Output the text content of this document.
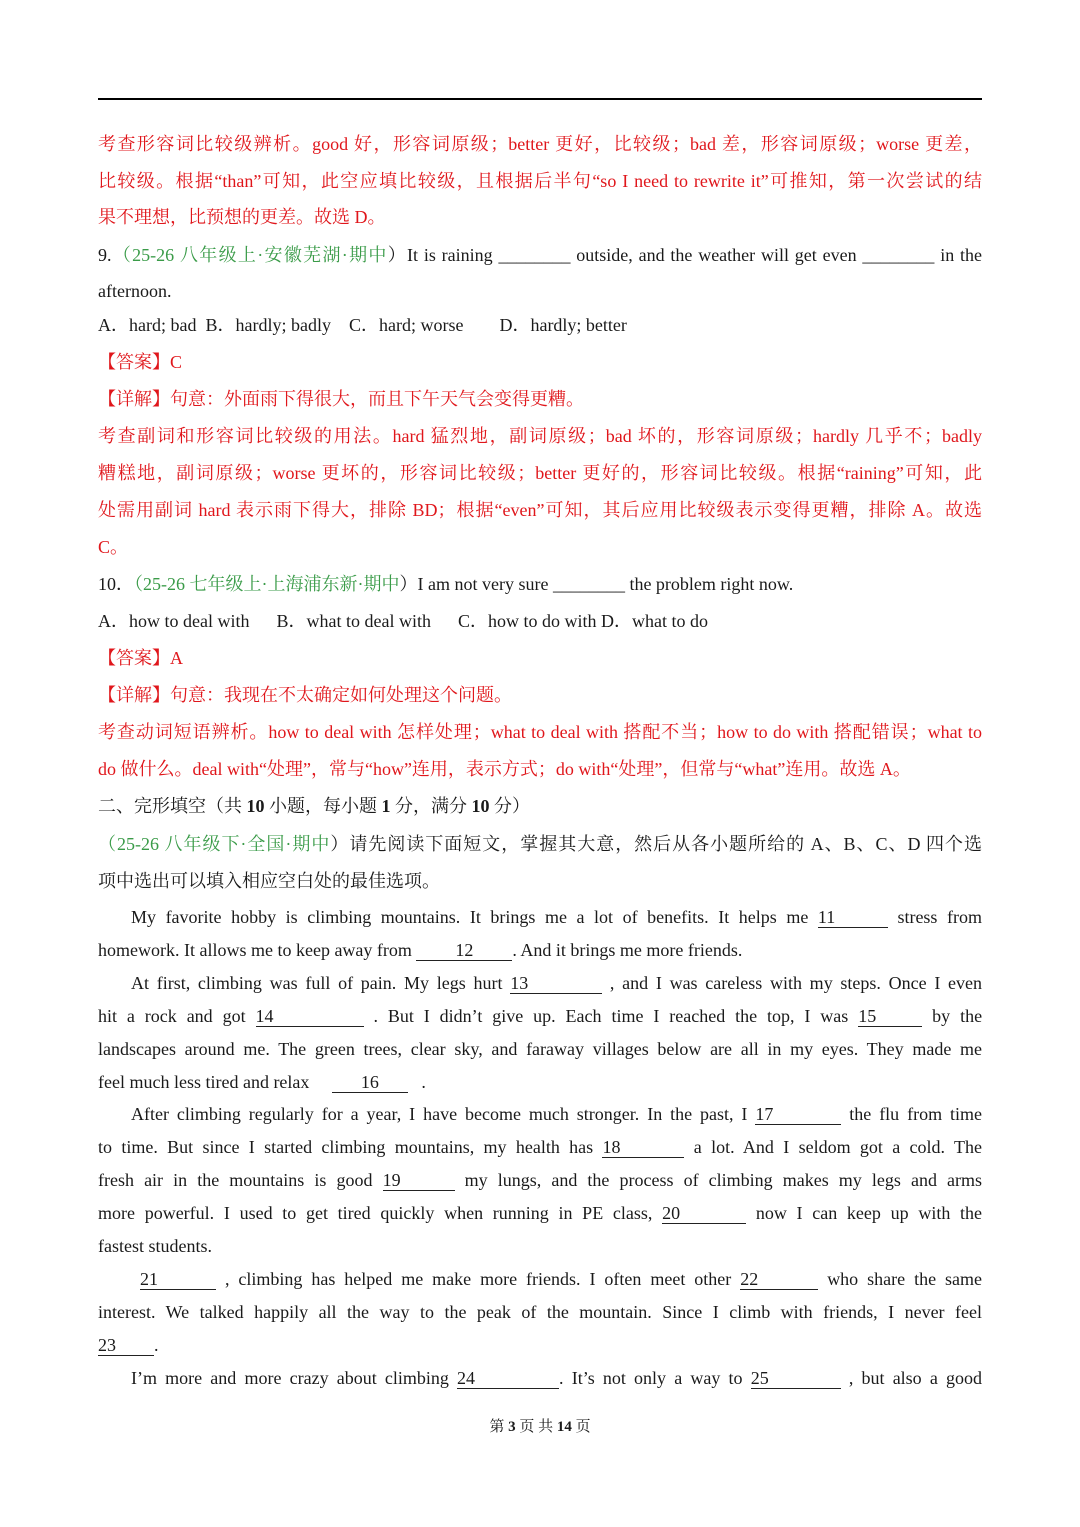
考查形容词比较级辨析。good 好，形容词原级；better 更好，比较级；bad 差，形容词原级；worse 更差，
比较级。根据“than”可知，此空应填比较级，且根据后半句“so I need to rewrite it”可推知，第一次尝试的结
果不理想，比预想的更差。故选 D。
9.（25-26 八年级上·安徽芜湖·期中）It is raining ________ outside, and the weather will get even ________ in the
afternoon.
A．hard; bad B．hardly; badly C．hard; worse D．hardly; better
【答案】C
【详解】句意：外面雨下得很大，而且下午天气会变得更糟。
考查副词和形容词比较级的用法。hard 猛烈地，副词原级；bad 坏的，形容词原级；hardly 几乎不；badly
糟糕地，副词原级；worse 更坏的，形容词比较级；better 更好的，形容词比较级。根据“raining”可知，此
处需用副词 hard 表示雨下得大，排除 BD；根据“even”可知，其后应用比较级表示变得更糟，排除 A。故选
C。
10．（25-26 七年级上·上海浦东新·期中）I am not very sure ________ the problem right now.
A．how to deal with B．what to deal with C．how to do with D．what to do
【答案】A
【详解】句意：我现在不太确定如何处理这个问题。
考查动词短语辨析。how to deal with 怎样处理；what to deal with 搭配不当；how to do with 搭配错误；what to
do 做什么。deal with“处理”，常与“how”连用，表示方式；do with“处理”，但常与“what”连用。故选 A。
二、完形填空（共 10 小题，每小题 1 分，满分 10 分）
（25-26 八年级下·全国·期中）请先阅读下面短文，掌握其大意，然后从各小题所给的 A、B、C、D 四个选
项中选出可以填入相应空白处的最佳选项。
My favorite hobby is climbing mountains. It brings me a lot of benefits. It helps me 11	stress from
homework. It allows me to keep away from 12 . And it brings me more friends.
At first, climbing was full of pain. My legs hurt 13	, and I was careless with my steps. Once I even
hit a rock and got 14	. But I didn’t give up. Each time I reached the top, I was 15	by the
landscapes around me. The green trees, clear sky, and faraway villages below are all in my eyes. They made me
feel much less tired and relax	16 .
After climbing regularly for a year, I have become much stronger. In the past, I 17	the flu from time
to time. But since I started climbing mountains, my health has 18	a lot. And I seldom got a cold. The
fresh air in the mountains is good 19	my lungs, and the process of climbing makes my legs and arms
more powerful. I used to get tired quickly when running in PE class, 20	now I can keep up with the
fastest students.
21	, climbing has helped me make more friends. I often meet other 22	who share the same
interest. We talked happily all the way to the peak of the mountain. Since I climb with friends, I never feel
23 .
I’m more and more crazy about climbing 24	. It’s not only a way to 25	, but also a good
第 3 页 共 14 页
